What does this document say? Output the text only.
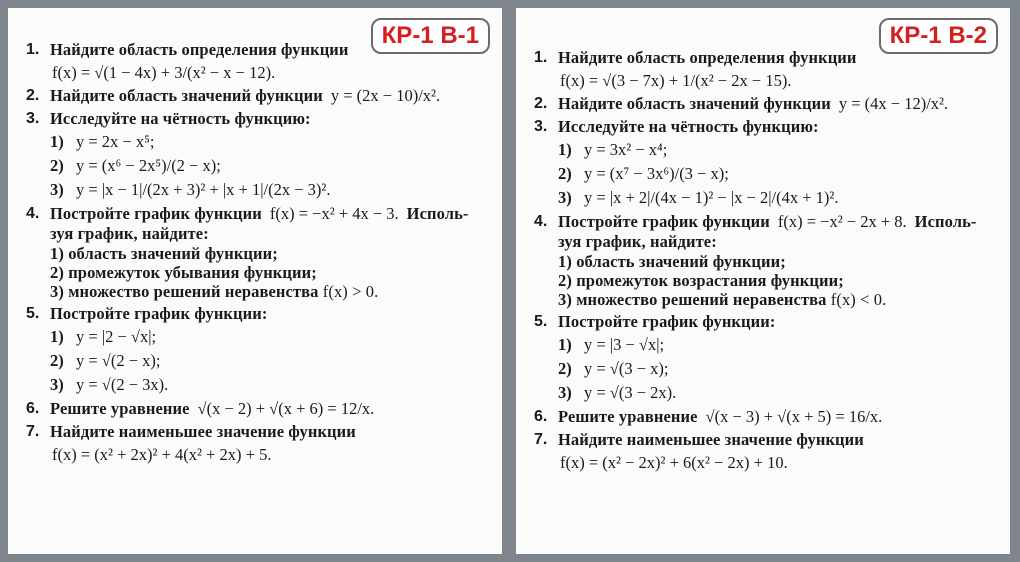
КР-1 В-1
1. Найдите область определения функции
f(x) = √(1 − 4x) + 3/(x² − x − 12).
2. Найдите область значений функции y = (2x − 10)/x².
3. Исследуйте на чётность функцию:
1) y = 2x − x⁵;
2) y = (x⁶ − 2x⁵)/(2 − x);
3) y = |x − 1|/(2x + 3)² + |x + 1|/(2x − 3)².
4. Постройте график функции f(x) = −x² + 4x − 3. Исполь-
зуя график, найдите:
1) область значений функции;
2) промежуток убывания функции;
3) множество решений неравенства f(x) > 0.
5. Постройте график функции:
1) y = |2 − √x|;
2) y = √(2 − x);
3) y = √(2 − 3x).
6. Решите уравнение √(x − 2) + √(x + 6) = 12/x.
7. Найдите наименьшее значение функции
f(x) = (x² + 2x)² + 4(x² + 2x) + 5.
КР-1 В-2
1. Найдите область определения функции
f(x) = √(3 − 7x) + 1/(x² − 2x − 15).
2. Найдите область значений функции y = (4x − 12)/x².
3. Исследуйте на чётность функцию:
1) y = 3x² − x⁴;
2) y = (x⁷ − 3x⁶)/(3 − x);
3) y = |x + 2|/(4x − 1)² − |x − 2|/(4x + 1)².
4. Постройте график функции f(x) = −x² − 2x + 8. Исполь-
зуя график, найдите:
1) область значений функции;
2) промежуток возрастания функции;
3) множество решений неравенства f(x) < 0.
5. Постройте график функции:
1) y = |3 − √x|;
2) y = √(3 − x);
3) y = √(3 − 2x).
6. Решите уравнение √(x − 3) + √(x + 5) = 16/x.
7. Найдите наименьшее значение функции
f(x) = (x² − 2x)² + 6(x² − 2x) + 10.
